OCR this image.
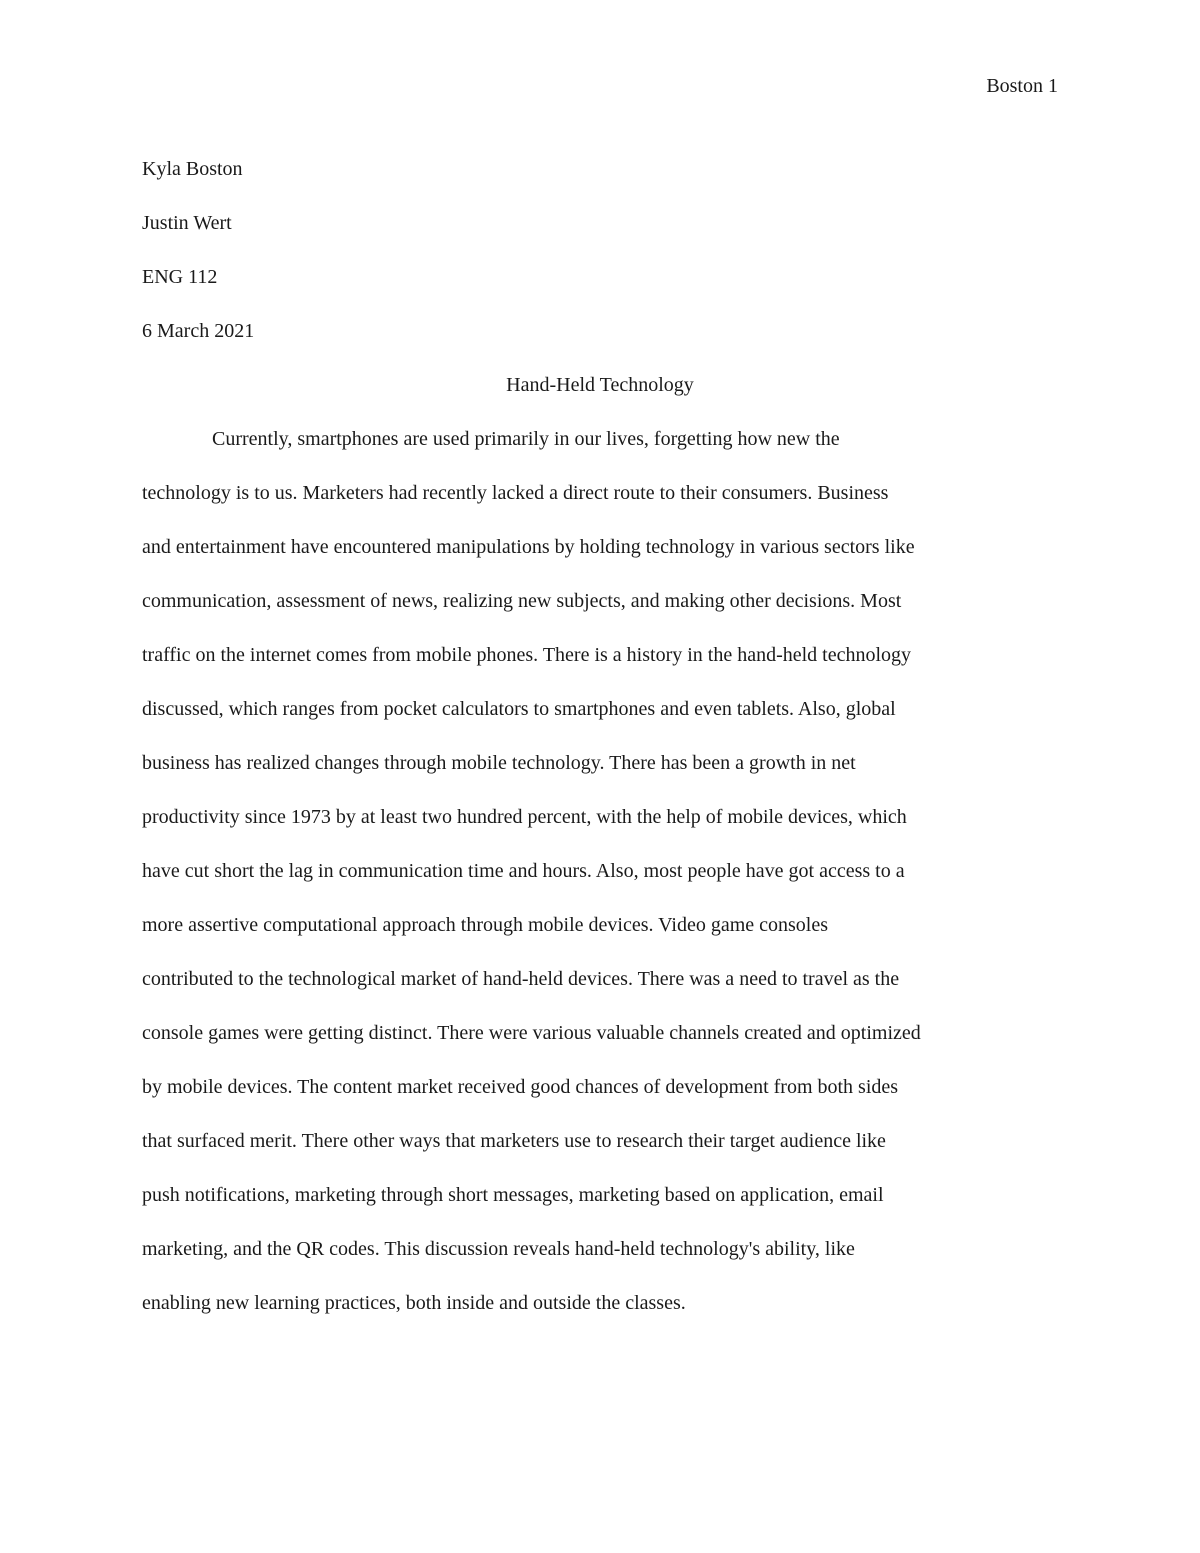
Boston 1
Kyla Boston
Justin Wert
ENG 112
6 March 2021
Hand-Held Technology
Currently, smartphones are used primarily in our lives, forgetting how new the
technology is to us. Marketers had recently lacked a direct route to their consumers. Business
and entertainment have encountered manipulations by holding technology in various sectors like
communication, assessment of news, realizing new subjects, and making other decisions. Most
traffic on the internet comes from mobile phones. There is a history in the hand-held technology
discussed, which ranges from pocket calculators to smartphones and even tablets. Also, global
business has realized changes through mobile technology. There has been a growth in net
productivity since 1973 by at least two hundred percent, with the help of mobile devices, which
have cut short the lag in communication time and hours. Also, most people have got access to a
more assertive computational approach through mobile devices. Video game consoles
contributed to the technological market of hand-held devices. There was a need to travel as the
console games were getting distinct. There were various valuable channels created and optimized
by mobile devices. The content market received good chances of development from both sides
that surfaced merit. There other ways that marketers use to research their target audience like
push notifications, marketing through short messages, marketing based on application, email
marketing, and the QR codes. This discussion reveals hand-held technology's ability, like
enabling new learning practices, both inside and outside the classes.
